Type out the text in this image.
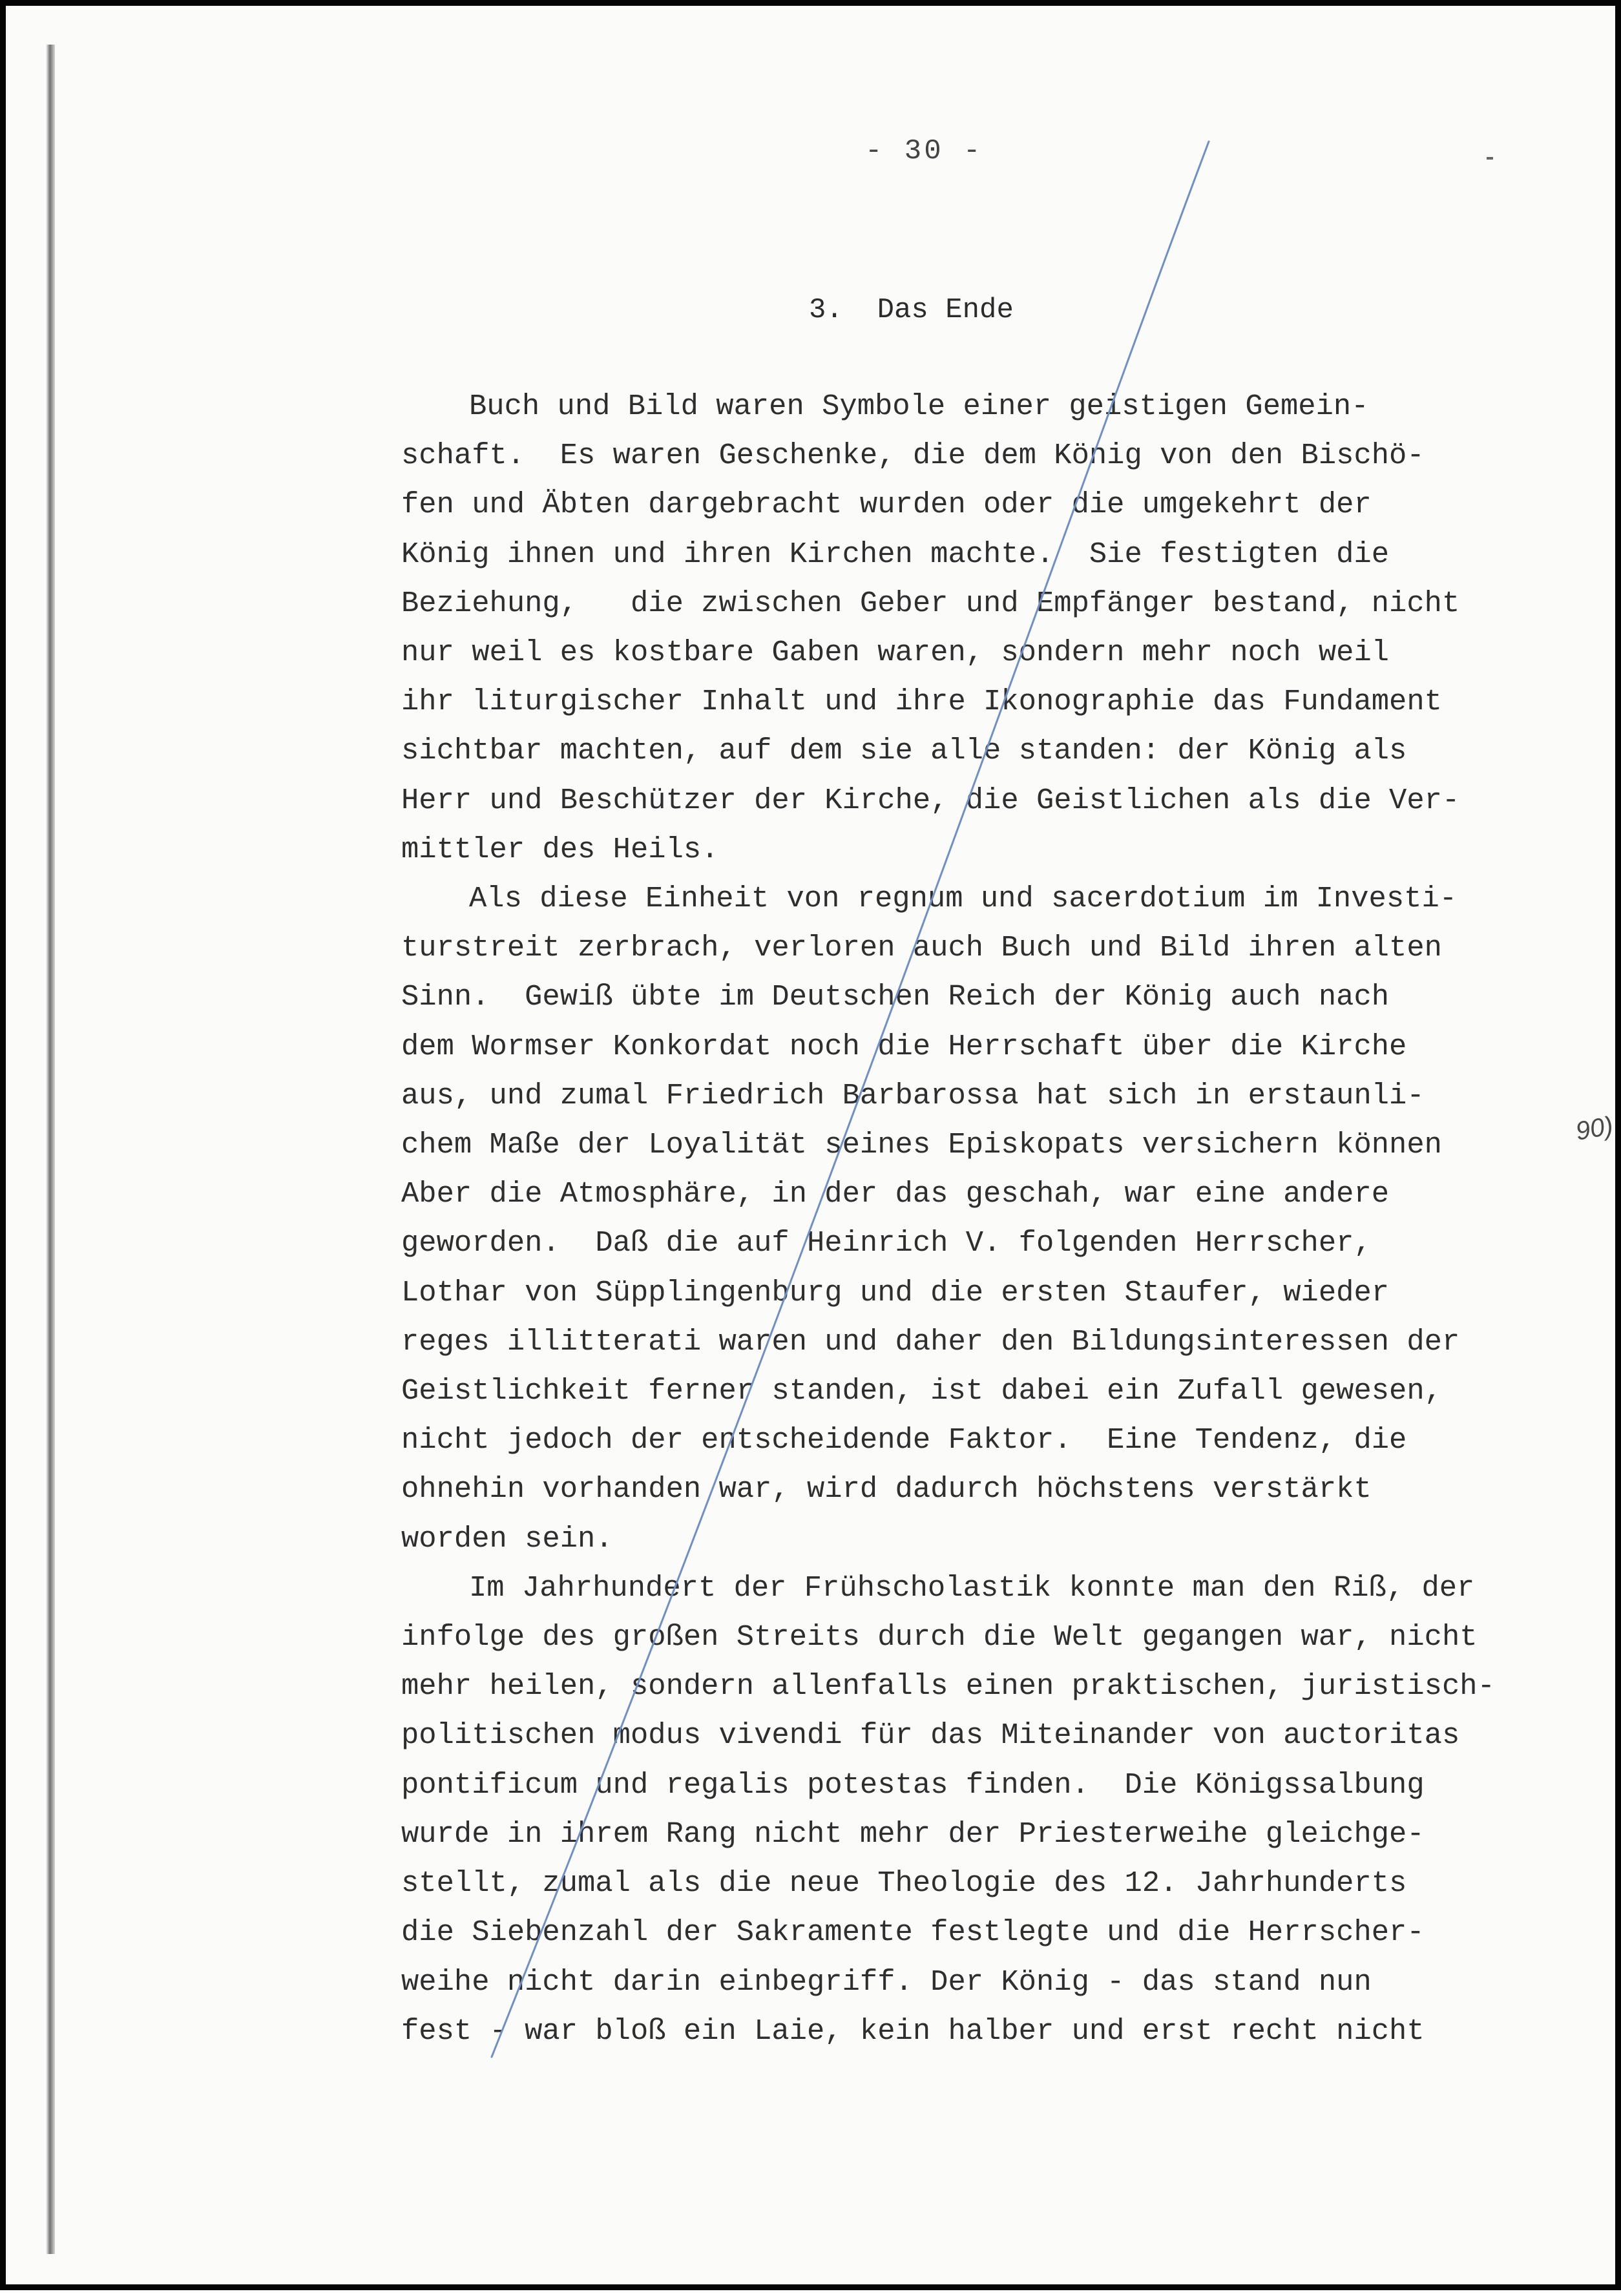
- 30 -
3.  Das Ende
Buch und Bild waren Symbole einer geistigen Gemein-
schaft.  Es waren Geschenke, die dem König von den Bischö-
fen und Äbten dargebracht wurden oder die umgekehrt der
König ihnen und ihren Kirchen machte.  Sie festigten die
Beziehung,   die zwischen Geber und Empfänger bestand, nicht
nur weil es kostbare Gaben waren, sondern mehr noch weil
ihr liturgischer Inhalt und ihre Ikonographie das Fundament
sichtbar machten, auf dem sie alle standen: der König als
Herr und Beschützer der Kirche, die Geistlichen als die Ver-
mittler des Heils.
Als diese Einheit von regnum und sacerdotium im Investi-
turstreit zerbrach, verloren auch Buch und Bild ihren alten
Sinn.  Gewiß übte im Deutschen Reich der König auch nach
dem Wormser Konkordat noch die Herrschaft über die Kirche
aus, und zumal Friedrich Barbarossa hat sich in erstaunli-
chem Maße der Loyalität seines Episkopats versichern können
Aber die Atmosphäre, in der das geschah, war eine andere
geworden.  Daß die auf Heinrich V. folgenden Herrscher,
Lothar von Süpplingenburg und die ersten Staufer, wieder
reges illitterati waren und daher den Bildungsinteressen der
Geistlichkeit ferner standen, ist dabei ein Zufall gewesen,
nicht jedoch der entscheidende Faktor.  Eine Tendenz, die
ohnehin vorhanden war, wird dadurch höchstens verstärkt
worden sein.
Im Jahrhundert der Frühscholastik konnte man den Riß, der
infolge des großen Streits durch die Welt gegangen war, nicht
mehr heilen, sondern allenfalls einen praktischen, juristisch-
politischen modus vivendi für das Miteinander von auctoritas
pontificum und regalis potestas finden.  Die Königssalbung
wurde in ihrem Rang nicht mehr der Priesterweihe gleichge-
stellt, zumal als die neue Theologie des 12. Jahrhunderts
die Siebenzahl der Sakramente festlegte und die Herrscher-
weihe nicht darin einbegriff. Der König - das stand nun
fest - war bloß ein Laie, kein halber und erst recht nicht
90)
